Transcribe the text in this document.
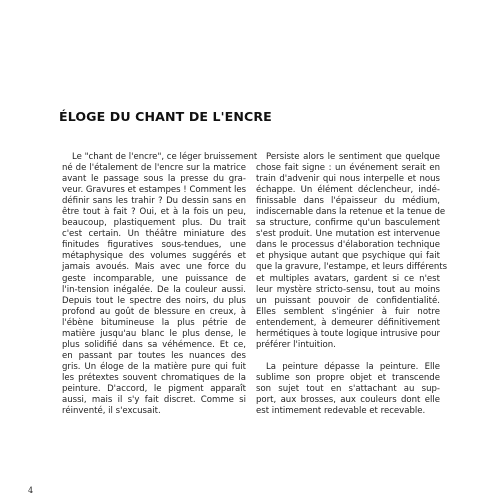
ÉLOGE DU CHANT DE L'ENCRE
Le "chant de l'encre", ce léger bruissement
né de l'étalement de l'encre sur la matrice
avant le passage sous la presse du gra-
veur. Gravures et estampes ! Comment les
définir sans les trahir ? Du dessin sans en
être tout à fait ? Oui, et à la fois un peu,
beaucoup, plastiquement plus. Du trait
c'est certain. Un théâtre miniature des
finitudes figuratives sous-tendues, une
métaphysique des volumes suggérés et
jamais avoués. Mais avec une force du
geste incomparable, une puissance de
l'in-tension inégalée. De la couleur aussi.
Depuis tout le spectre des noirs, du plus
profond au goût de blessure en creux, à
l'ébène bitumineuse la plus pétrie de
matière jusqu'au blanc le plus dense, le
plus solidifié dans sa véhémence. Et ce,
en passant par toutes les nuances des
gris. Un éloge de la matière pure qui fuit
les prétextes souvent chromatiques de la
peinture. D'accord, le pigment apparaît
aussi, mais il s'y fait discret. Comme si
réinventé, il s'excusait.
Persiste alors le sentiment que quelque
chose fait signe : un événement serait en
train d'advenir qui nous interpelle et nous
échappe. Un élément déclencheur, indé-
finissable dans l'épaisseur du médium,
indiscernable dans la retenue et la tenue de
sa structure, confirme qu'un basculement
s'est produit. Une mutation est intervenue
dans le processus d'élaboration technique
et physique autant que psychique qui fait
que la gravure, l'estampe, et leurs différents
et multiples avatars, gardent si ce n'est
leur mystère stricto-sensu, tout au moins
un puissant pouvoir de confidentialité.
Elles semblent s'ingénier à fuir notre
entendement, à demeurer définitivement
hermétiques à toute logique intrusive pour
préférer l'intuition.
La peinture dépasse la peinture. Elle
sublime son propre objet et transcende
son sujet tout en s'attachant au sup-
port, aux brosses, aux couleurs dont elle
est intimement redevable et recevable.
4
